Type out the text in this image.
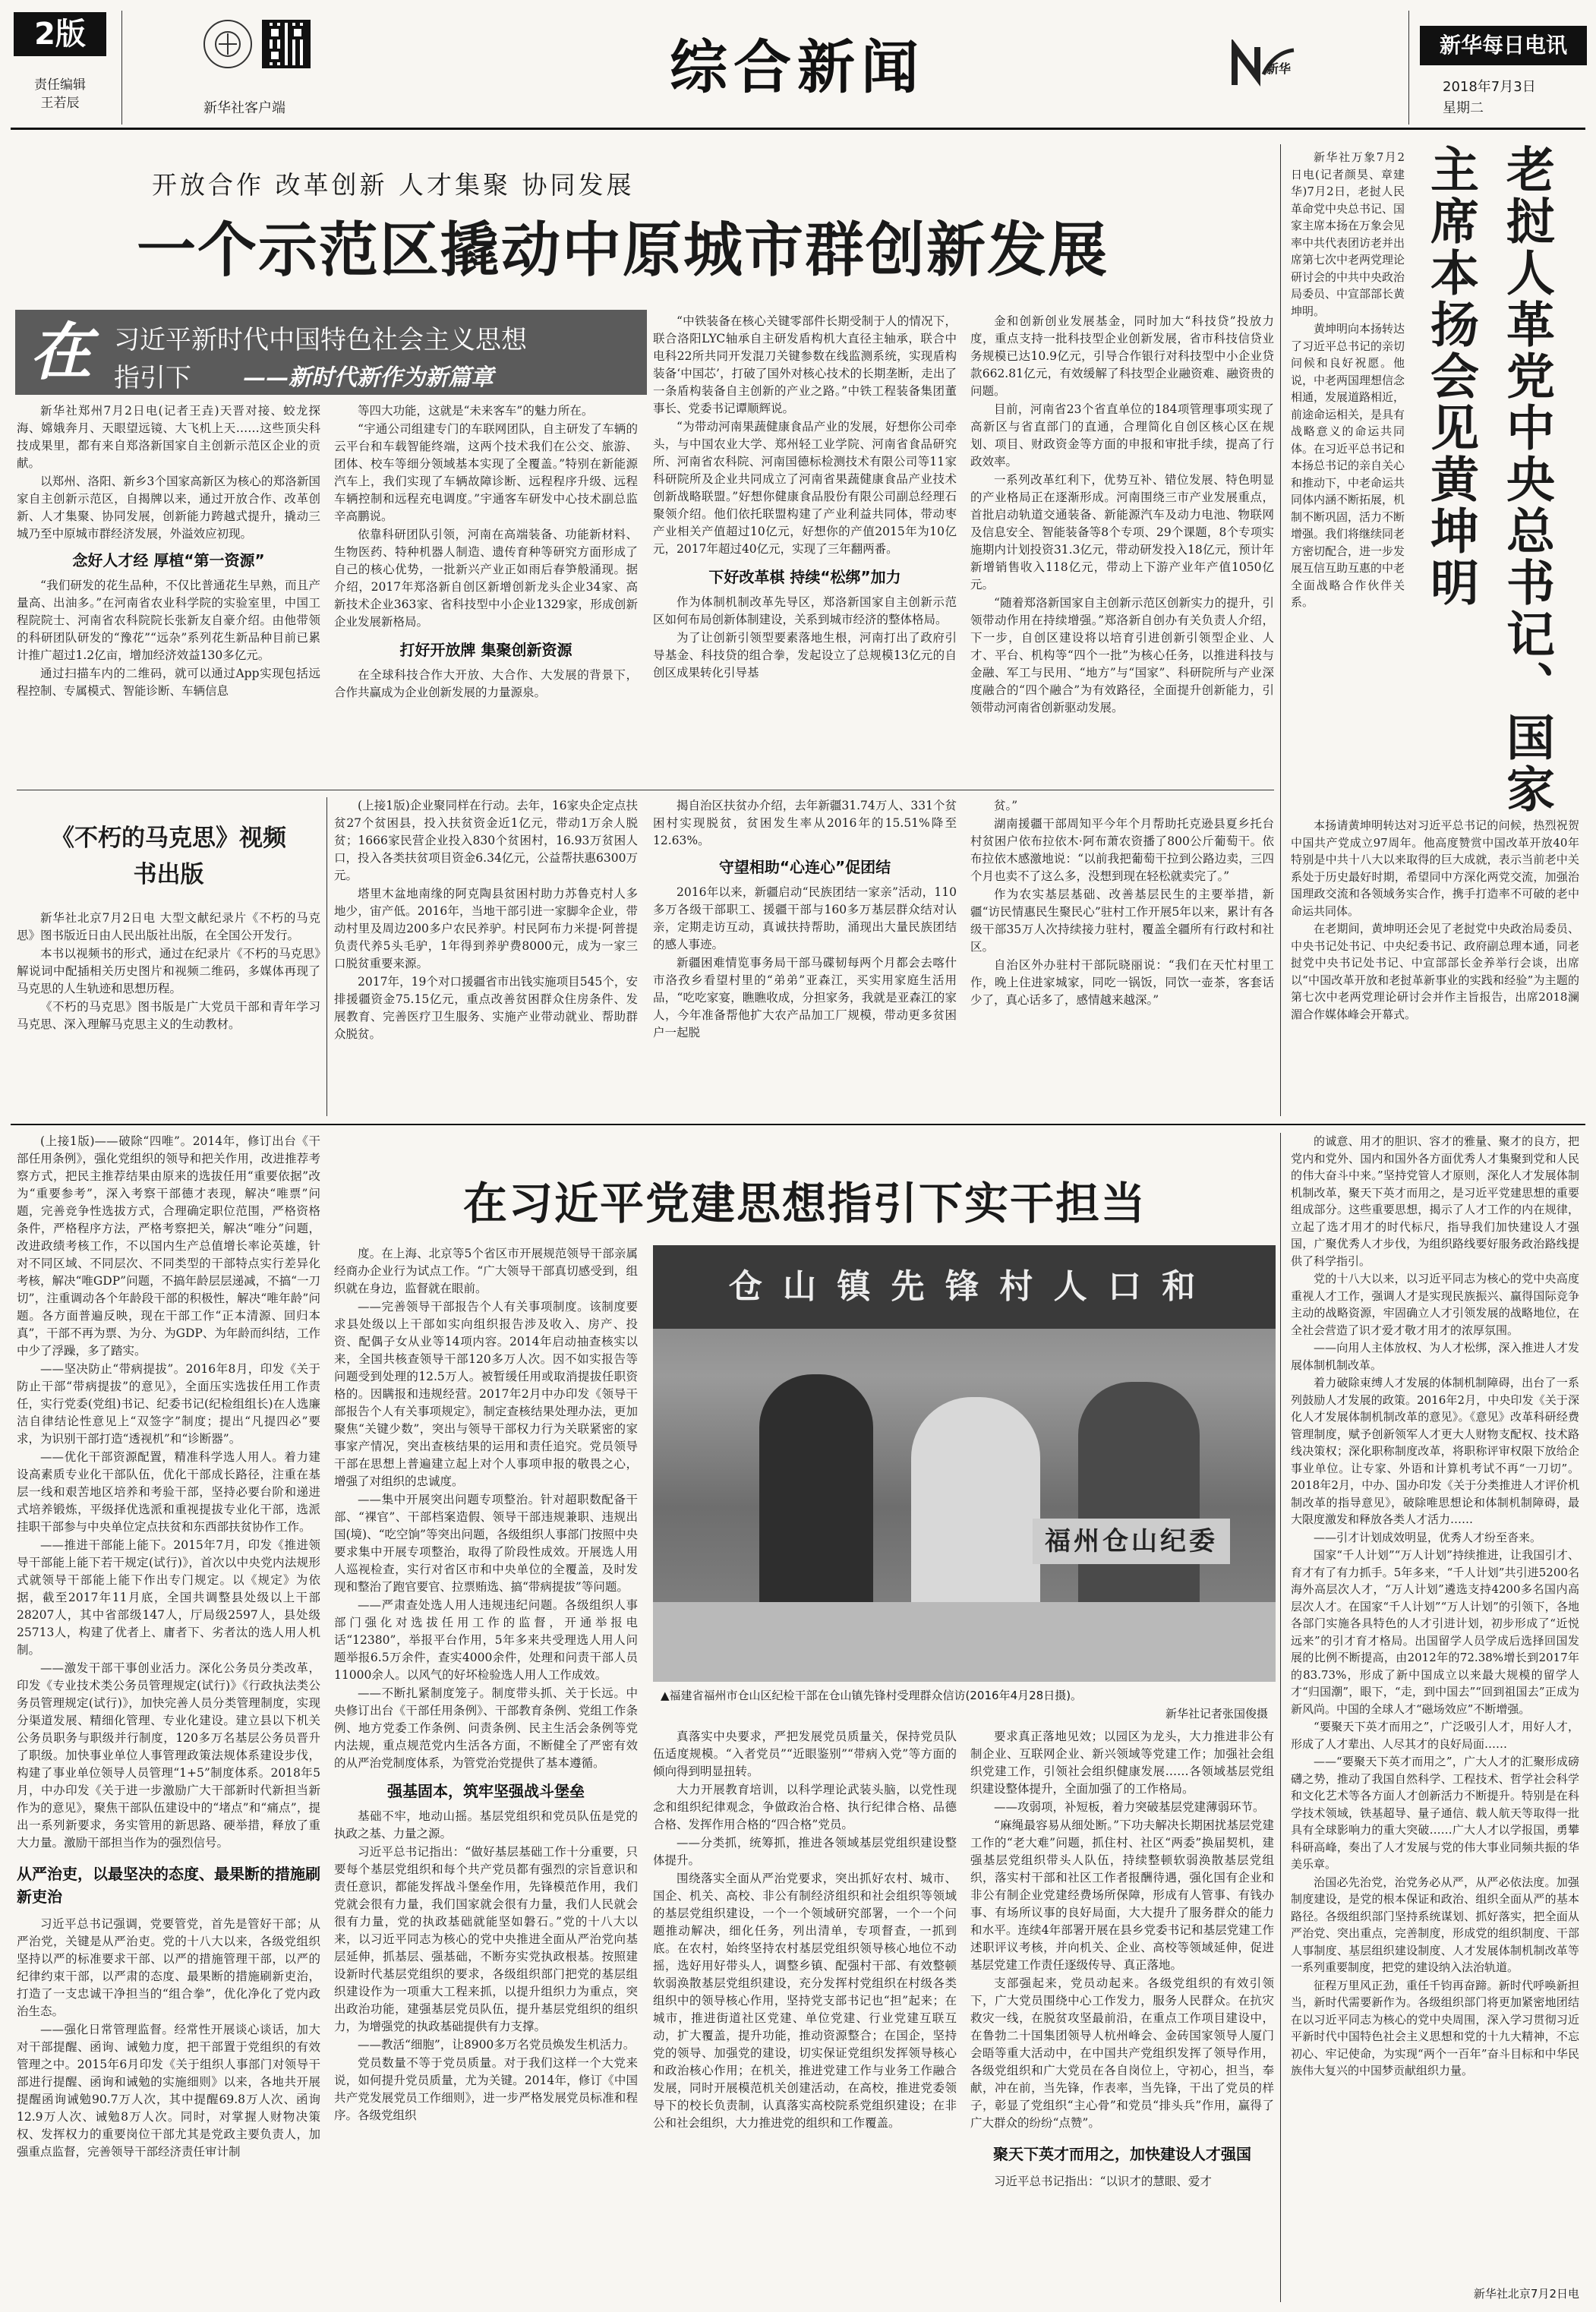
2版
责任编辑
王若辰	新华社客户端
综合新闻	新华
新华每日电讯
2018年7月3日
星期二
开放合作 改革创新 人才集聚 协同发展
一个示范区撬动中原城市群创新发展
在 习近平新时代中国特色社会主义思想
指引下 ——新时代新作为新篇章

新华社郑州7月2日电(记者王垚)天晋对接、蛟龙探海、嫦娥奔月、天眼望远镜、大飞机上天……这些顶尖科技成果里，都有来自郑洛新国家自主创新示范区企业的贡献。

以郑州、洛阳、新乡3个国家高新区为核心的郑洛新国家自主创新示范区，自揭牌以来，通过开放合作、改革创新、人才集聚、协同发展，创新能力跨越式提升，撬动三城乃至中原城市群经济发展，外溢效应初现。

念好人才经 厚植“第一资源”

“我们研发的花生品种，不仅比普通花生早熟，而且产量高、出油多。”在河南省农业科学院的实验室里，中国工程院院士、河南省农科院院长张新友自豪介绍。由他带领的科研团队研发的“豫花”“远杂”系列花生新品种目前已累计推广超过1.2亿亩，增加经济效益130多亿元。

通过扫描车内的二维码，就可以通过App实现包括远程控制、专属模式、智能诊断、车辆信息

等四大功能，这就是“未来客车”的魅力所在。

“宇通公司组建专门的车联网团队，自主研发了车辆的云平台和车载智能终端，这两个技术我们在公交、旅游、团体、校车等细分领域基本实现了全覆盖。”特别在新能源汽车上，我们实现了车辆故障诊断、远程程序升级、远程车辆控制和远程充电调度。”宇通客车研发中心技术副总监辛高鹏说。

依靠科研团队引领，河南在高端装备、功能新材料、生物医药、特种机器人制造、遗传育种等研究方面形成了自己的核心优势，一批新兴产业正如雨后春笋般涌现。据介绍，2017年郑洛新自创区新增创新龙头企业34家、高新技术企业363家、省科技型中小企业1329家，形成创新企业发展新格局。

打好开放牌 集聚创新资源

在全球科技合作大开放、大合作、大发展的背景下，合作共赢成为企业创新发展的力量源泉。

“中铁装备在核心关键零部件长期受制于人的情况下，联合洛阳LYC轴承自主研发盾构机大直径主轴承，联合中电科22所共同开发混刀关键参数在线监测系统，实现盾构装备‘中国芯’，打破了国外对核心技术的长期垄断，走出了一条盾构装备自主创新的产业之路。”中铁工程装备集团董事长、党委书记谭顺辉说。

“为带动河南果蔬健康食品产业的发展，好想你公司牵头，与中国农业大学、郑州轻工业学院、河南省食品研究所、河南省农科院、河南国德标检测技术有限公司等11家科研院所及企业共同成立了河南省果蔬健康食品产业技术创新战略联盟。”好想你健康食品股份有限公司副总经理石聚领介绍。他们依托联盟构建了产业利益共同体，带动枣产业相关产值超过10亿元，好想你的产值2015年为10亿元，2017年超过40亿元，实现了三年翻两番。

下好改革棋 持续“松绑”加力

作为体制机制改革先导区，郑洛新国家自主创新示范区如何布局创新体制建设，关系到城市经济的整体格局。

为了让创新引领型要素落地生根，河南打出了政府引导基金、科技贷的组合拳，发起设立了总规模13亿元的自创区成果转化引导基

金和创新创业发展基金，同时加大“科技贷”投放力度，重点支持一批科技型企业创新发展，省市科技信贷业务规模已达10.9亿元，引导合作银行对科技型中小企业贷款662.81亿元，有效缓解了科技型企业融资难、融资贵的问题。

目前，河南省23个省直单位的184项管理事项实现了高新区与省直部门的直通，合理简化自创区核心区在规划、项目、财政资金等方面的申报和审批手续，提高了行政效率。

一系列改革红利下，优势互补、错位发展、特色明显的产业格局正在逐渐形成。河南围绕三市产业发展重点，首批启动轨道交通装备、新能源汽车及动力电池、物联网及信息安全、智能装备等8个专项、29个课题，8个专项实施期内计划投资31.3亿元，带动研发投入18亿元，预计年新增销售收入118亿元，带动上下游产业年产值1050亿元。

“随着郑洛新国家自主创新示范区创新实力的提升，引领带动作用在持续增强。”郑洛新自创办有关负责人介绍，下一步，自创区建设将以培育引进创新引领型企业、人才、平台、机构等“四个一批”为核心任务，以推进科技与金融、军工与民用、“地方”与“国家”、科研院所与产业深度融合的“四个融合”为有效路径，全面提升创新能力，引领带动河南省创新驱动发展。

《不朽的马克思》视频书出版

新华社北京7月2日电 大型文献纪录片《不朽的马克思》图书版近日由人民出版社出版，在全国公开发行。

本书以视频书的形式，通过在纪录片《不朽的马克思》解说词中配插相关历史图片和视频二维码，多媒体再现了马克思的人生轨迹和思想历程。

《不朽的马克思》图书版是广大党员干部和青年学习马克思、深入理解马克思主义的生动教材。

(上接1版)企业聚同样在行动。去年，16家央企定点扶贫27个贫困县，投入扶贫资金近1亿元，带动1万余人脱贫；1666家民营企业投入830个贫困村，16.93万贫困人口，投入各类扶贫项目资金6.34亿元，公益帮扶惠6300万元。

塔里木盆地南缘的阿克陶县贫困村助力苏鲁克村人多地少，宙产低。2016年，当地干部引进一家脚伞企业，带动村里及周边200多户农民养驴。村民阿布力米提·阿普提负责代养5头毛驴，1年得到养驴费8000元，成为一家三口脱贫重要来源。

2017年，19个对口援疆省市出钱实施项目545个，安排援疆资金75.15亿元，重点改善贫困群众住房条件、发展教育、完善医疗卫生服务、实施产业带动就业、帮助群众脱贫。

揭自治区扶贫办介绍，去年新疆31.74万人、331个贫困村实现脱贫，贫困发生率从2016年的15.51%降至12.63%。

守望相助“心连心”促团结

2016年以来，新疆启动“民族团结一家亲”活动，110多万各级干部职工、援疆干部与160多万基层群众结对认亲，定期走访互动，真诚扶持帮助，涌现出大量民族团结的感人事迹。

新疆困难情览事务局干部马碟韧每两个月都会去喀什市洛孜乡看望村里的“弟弟”亚森江，买实用家庭生活用品，“吃吃家宴，瞧瞧收成，分担家务，我就是亚森江的家人，今年准备帮他扩大农产品加工厂规模，带动更多贫困户一起脱

贫。”

湖南援疆干部周知平今年个月帮助托克逊县夏乡托台村贫困户依布拉依木·阿布萧农资播了800公斤葡萄干。依布拉依木感激地说：“以前我把葡萄干拉到公路边卖，三四个月也卖不了这么多，没想到现在轻松就卖完了。”

作为农实基层基础、改善基层民生的主要举措，新疆“访民情惠民生聚民心”驻村工作开展5年以来，累计有各级干部35万人次持续接力驻村，覆盖全疆所有行政村和社区。

自治区外办驻村干部阮晓丽说：“我们在天忙村里工作，晚上住进家城家，同吃一锅饭，同饮一壶茶，客套话少了，真心话多了，感情越来越深。”

老挝人革党中央总书记、国家主席本扬会见黄坤明

新华社万象7月2日电(记者颜昊、章建华)7月2日，老挝人民革命党中央总书记、国家主席本扬在万象会见率中共代表团访老并出席第七次中老两党理论研讨会的中共中央政治局委员、中宣部部长黄坤明。

黄坤明向本扬转达了习近平总书记的亲切问候和良好祝愿。他说，中老两国理想信念相通，发展道路相近，前途命运相关，是具有战略意义的命运共同体。在习近平总书记和本扬总书记的亲自关心和推动下，中老命运共同体内涵不断拓展，机制不断巩固，活力不断增强。我们将继续同老方密切配合，进一步发展互信互助互惠的中老全面战略合作伙伴关系。

本扬请黄坤明转达对习近平总书记的问候，热烈祝贺中国共产党成立97周年。他高度赞赏中国改革开放40年特别是中共十八大以来取得的巨大成就，表示当前老中关系处于历史最好时期，希望同中方深化两党交流，加强治国理政交流和各领域务实合作，携手打造率不可破的老中命运共同体。

在老期间，黄坤明还会见了老挝党中央政治局委员、中央书记处书记、中央纪委书记、政府副总理本通，同老挝党中央书记处书记、中宣部部长金养举行会谈，出席以“中国改革开放和老挝革新事业的实践和经验”为主题的第七次中老两党理论研讨会并作主旨报告，出席2018澜湄合作媒体峰会开幕式。

在习近平党建思想指引下实干担当

(上接1版)——破除“四唯”。2014年，修订出台《干部任用条例》，强化党组织的领导和把关作用，改进推荐考察方式，把民主推荐结果由原来的选拔任用“重要依据”改为“重要参考”，深入考察干部德才表现，解决“唯票”问题，完善竞争性选拔方式，合理确定职位范围，严格资格条件，严格程序方法，严格考察把关，解决“唯分”问题，改进政绩考核工作，不以国内生产总值增长率论英雄，针对不同区域、不同层次、不同类型的干部特点实行差异化考核，解决“唯GDP”问题，不搞年龄层层递减，不搞“一刀切”，注重调动各个年龄段干部的积极性，解决“唯年龄”问题。各方面普遍反映，现在干部工作“正本清源、回归本真”，干部不再为票、为分、为GDP、为年龄而纠结，工作中少了浮躁，多了踏实。

——坚决防止“带病提拔”。2016年8月，印发《关于防止干部“带病提拔”的意见》，全面压实选拔任用工作责任，实行党委(党组)书记、纪委书记(纪检组组长)在人选廉洁自律结论性意见上“双签字”制度；提出“凡提四必”要求，为识别干部打造“透视机”和“诊断器”。

——优化干部资源配置，精准科学选人用人。着力建设高素质专业化干部队伍，优化干部成长路径，注重在基层一线和艰苦地区培养和考验干部，坚持必要台阶和递进式培养锻炼，平级择优选派和重视提拔专业化干部，选派挂职干部参与中央单位定点扶贫和东西部扶贫协作工作。

——推进干部能上能下。2015年7月，印发《推进领导干部能上能下若干规定(试行)》，首次以中央党内法规形式就领导干部能上能下作出专门规定。以《规定》为依据，截至2017年11月底，全国共调整县处级以上干部28207人，其中省部级147人，厅局级2597人，县处级25713人，构建了优者上、庸者下、劣者汰的选人用人机制。

——激发干部干事创业活力。深化公务员分类改革，印发《专业技术类公务员管理规定(试行)》《行政执法类公务员管理规定(试行)》，加快完善人员分类管理制度，实现分渠道发展、精细化管理、专业化建设。建立县以下机关公务员职务与职级并行制度，120多万名基层公务员晋升了职级。加快事业单位人事管理政策法规体系建设步伐，构建了事业单位领导人员管理“1+5”制度体系。2018年5月，中办印发《关于进一步激励广大干部新时代新担当新作为的意见》，聚焦干部队伍建设中的“堵点”和“痛点”，提出一系列新要求，务实管用的新思路、硬举措，释放了重大力量。激励干部担当作为的强烈信号。

从严治吏，以最坚决的态度、最果断的措施刷新吏治

习近平总书记强调，党要管党，首先是管好干部；从严治党，关键是从严治吏。党的十八大以来，各级党组织坚持以严的标准要求干部、以严的措施管理干部，以严的纪律约束干部，以严肃的态度、最果断的措施刷新吏治，打造了一支忠诚干净担当的“组合拳”，优化净化了党内政治生态。

——强化日常管理监督。经常性开展谈心谈话，加大对干部提醒、函询、诫勉力度，把干部置于党组织的有效管理之中。2015年6月印发《关于组织人事部门对领导干部进行提醒、函询和诫勉的实施细则》以来，各地共开展提醒函询诫勉90.7万人次，其中提醒69.8万人次、函询12.9万人次、诫勉8万人次。同时，对掌握人财物决策权、发挥权力的重要岗位干部尤其是党政主要负责人，加强重点监督，完善领导干部经济责任审计制

度。在上海、北京等5个省区市开展规范领导干部亲属经商办企业行为试点工作。“广大领导干部真切感受到，组织就在身边，监督就在眼前。

——完善领导干部报告个人有关事项制度。该制度要求县处级以上干部如实向组织报告涉及收入、房产、投资、配偶子女从业等14项内容。2014年启动抽查核实以来，全国共核查领导干部120多万人次。因不如实报告等问题受到处理的12.5万人。被暂缓任用或取消提拔任职资格的。因瞒报和违规经营。2017年2月中办印发《领导干部报告个人有关事项规定》，制定查核结果处理办法，更加聚焦“关键少数”，突出与领导干部权力行为关联紧密的家事家产情况，突出查核结果的运用和责任追究。党员领导干部在思想上普遍建立起上对个人事项申报的敬畏之心，增强了对组织的忠诚度。

——集中开展突出问题专项整治。针对超职数配备干部、“裸官”、干部档案造假、领导干部违规兼职、违规出国(境)、“吃空饷”等突出问题，各级组织人事部门按照中央要求集中开展专项整治，取得了阶段性成效。开展选人用人巡视检查，实行对省区市和中央单位的全覆盖，及时发现和整治了跑官要官、拉票贿选、搞“带病提拔”等问题。

——严肃查处选人用人违规违纪问题。各级组织人事部门强化对选拔任用工作的监督，开通举报电话“12380”，举报平台作用，5年多来共受理选人用人问题举报6.5万余件，查实4000余件，处理和问责干部人员11000余人。以风气的好坏检验选人用人工作成效。

——不断扎紧制度笼子。制度带头抓、关于长远。中央修订出台《干部任用条例》、干部教育条例、党组工作条例、地方党委工作条例、问责条例、民主生活会条例等党内法规，重点规范党内生活各方面，不断健全了严密有效的从严治党制度体系，为管党治党提供了基本遵循。

强基固本，筑牢坚强战斗堡垒

基础不牢，地动山摇。基层党组织和党员队伍是党的执政之基、力量之源。

习近平总书记指出：“做好基层基础工作十分重要，只要每个基层党组织和每个共产党员都有强烈的宗旨意识和责任意识，都能发挥战斗堡垒作用，先锋模范作用，我们党就会很有力量，我们国家就会很有力量，我们人民就会很有力量，党的执政基础就能坚如磐石。”党的十八大以来，以习近平同志为核心的党中央推进全面从严治党向基层延伸，抓基层、强基础，不断夯实党执政根基。按照建设新时代基层党组织的要求，各级组织部门把党的基层组织建设作为一项重大工程来抓，以提升组织力为重点，突出政治功能，建强基层党员队伍，提升基层党组织的组织力，为增强党的执政基础提供有力支撑。

——教活“细胞”，让8900多万名党员焕发生机活力。

党员数量不等于党员质量。对于我们这样一个大党来说，如何提升党员质量，尤为关键。2014年，修订《中国共产党发展党员工作细则》，进一步严格发展党员标准和程序。各级党组织

仓 山 镇 先 锋 村 人 口 和
福州仓山纪委
▲福建省福州市仓山区纪检干部在仓山镇先锋村受理群众信访(2016年4月28日摄)。
新华社记者张国俊摄

真落实中央要求，严把发展党员质量关，保持党员队伍适度规模。“入者党员”“近眼鉴别”“带病入党”等方面的倾向得到明显扭转。

大力开展教育培训，以科学理论武装头脑，以党性现念和组织纪律观念，争做政治合格、执行纪律合格、品德合格、发挥作用合格的“四合格”党员。

——分类抓，统筹抓，推进各领域基层党组织建设整体提升。

围绕落实全面从严治党要求，突出抓好农村、城市、国企、机关、高校、非公有制经济组织和社会组织等领域的基层党组织建设，一个一个领域研究部署，一个一个问题推动解决，细化任务，列出清单，专项督查，一抓到底。在农村，始终坚持农村基层党组织领导核心地位不动摇，选好用好带头人，调整乡镇、配强村干部、有效整顿软弱涣散基层党组织建设，充分发挥村党组织在村级各类组织中的领导核心作用，坚持党支部书记也“担”起来；在城市，推进街道社区党建、单位党建、行业党建互联互动，扩大覆盖，提升功能，推动资源整合；在国企，坚持党的领导、加强党的建设，切实保证党组织发挥领导核心和政治核心作用；在机关，推进党建工作与业务工作融合发展，同时开展模范机关创建活动，在高校，推进党委领导下的校长负责制，认真落实高校院系党组织建设；在非公和社会组织，大力推进党的组织和工作覆盖。

要求真正落地见效；以园区为龙头，大力推进非公有制企业、互联网企业、新兴领域等党建工作；加强社会组织党建工作，引领社会组织健康发展……各领域基层党组织建设整体提升，全面加强了的工作格局。

——攻弱项，补短板，着力突破基层党建薄弱环节。

“麻绳最容易从细处断。”下功夫解决长期困扰基层党建工作的“老大难”问题，抓住村、社区“两委”换届契机，建强基层党组织带头人队伍，持续整顿软弱涣散基层党组织，落实村干部和社区工作者报酬待遇，强化国有企业和非公有制企业党建经费场所保障，形成有人管事、有钱办事、有场所议事的良好局面，大大提升了服务群众的能力和水平。连续4年部署开展在县乡党委书记和基层党建工作述职评议考核，并向机关、企业、高校等领域延伸，促进基层党建工作责任逐级传导、真正落地。

支部强起来，党员动起来。各级党组织的有效引领下，广大党员围绕中心工作发力，服务人民群众。在抗灾救灾一线，在脱贫攻坚最前沿，在重点工作项目建设中，在鲁勃二十国集团领导人杭州峰会、金砖国家领导人厦门会晤等重大活动中，在中国共产党组织发挥了领导作用，各级党组织和广大党员在各自岗位上，守初心，担当，奉献，冲在前，当先锋，作表率，当先锋，干出了党员的样子，彰显了党组织“主心骨”和党员“排头兵”作用，赢得了广大群众的纷纷“点赞”。

聚天下英才而用之，加快建设人才强国

习近平总书记指出：“以识才的慧眼、爱才

的诚意、用才的胆识、容才的雅量、聚才的良方，把党内和党外、国内和国外各方面优秀人才集聚到党和人民的伟大奋斗中来。”坚持党管人才原则，深化人才发展体制机制改革，聚天下英才而用之，是习近平党建思想的重要组成部分。这些重要思想，揭示了人才工作的内在规律，立起了选才用才的时代标尺，指导我们加快建设人才强国，广聚优秀人才步伐，为组织路线要好服务政治路线提供了科学指引。

党的十八大以来，以习近平同志为核心的党中央高度重视人才工作，强调人才是实现民族振兴、赢得国际竞争主动的战略资源，牢固确立人才引领发展的战略地位，在全社会营造了识才爱才敬才用才的浓厚氛围。

——向用人主体放权、为人才松绑，深入推进人才发展体制机制改革。

着力破除束缚人才发展的体制机制障碍，出台了一系列鼓励人才发展的政策。2016年2月，中央印发《关于深化人才发展体制机制改革的意见》。《意见》改革科研经费管理制度，赋予创新领军人才更大人财物支配权、技术路线决策权；深化职称制度改革，将职称评审权限下放给企事业单位。让专家、外语和计算机考试不再“一刀切”。2018年2月，中办、国办印发《关于分类推进人才评价机制改革的指导意见》，破除唯思想论和体制机制障碍，最大限度激发和释放各类人才活力……

——引才计划成效明显，优秀人才纷至沓来。

国家“千人计划”“万人计划”持续推进，让我国引才、育才有了有力抓手。5年多来，“千人计划”共引进5200名海外高层次人才，“万人计划”遴选支持4200多名国内高层次人才。在国家“千人计划”“万人计划”的引领下，各地各部门实施各具特色的人才引进计划，初步形成了“近悦远来”的引才育才格局。出国留学人员学成后选择回国发展的比例不断提高，由2012年的72.38%增长到2017年的83.73%，形成了新中国成立以来最大规模的留学人才“归国潮”，眼下，“走，到中国去”“回到祖国去”正成为新风尚。中国的全球人才“磁场效应”不断增强。

“要聚天下英才而用之”，广泛吸引人才，用好人才，形成了人才辈出、人尽其才的良好局面……

——“要聚天下英才而用之”，广大人才的汇聚形成磅礴之势，推动了我国自然科学、工程技术、哲学社会科学和文化艺术等各方面人才创新活力不断提升。特别是在科学技术领域，铁基超导、量子通信、载人航天等取得一批具有全球影响力的重大突破……广大人才以学报国，勇攀科研高峰，奏出了人才发展与党的伟大事业同频共振的华美乐章。

治国必先治党，治党务必从严，从严必依法度。加强制度建设，是党的根本保证和政治、组织全面从严的基本路径。各级组织部门坚持系统谋划、抓好落实，把全面从严治党、突出重点，完善制度，形成党的组织制度、干部人事制度、基层组织建设制度、人才发展体制机制改革等一系列重要制度，把党的建设纳入法治轨道。

征程万里风正劲，重任千钧再奋蹄。新时代呼唤新担当，新时代需要新作为。各级组织部门将更加紧密地团结在以习近平同志为核心的党中央周围，深入学习贯彻习近平新时代中国特色社会主义思想和党的十九大精神，不忘初心、牢记使命，为实现“两个一百年”奋斗目标和中华民族伟大复兴的中国梦贡献组织力量。

新华社北京7月2日电
